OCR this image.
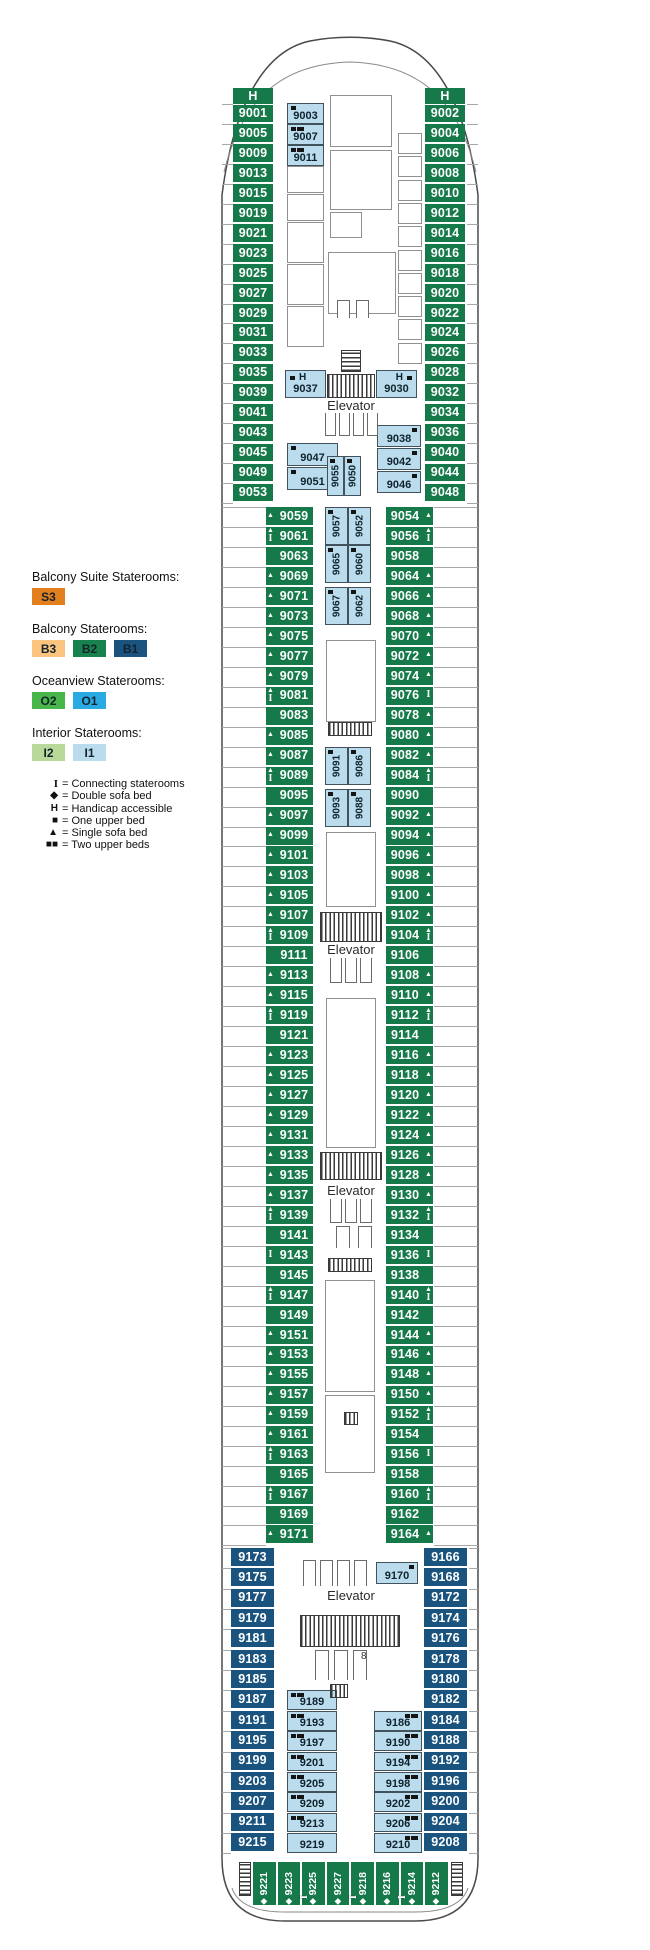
Balcony Suite Staterooms:
S3
Balcony Staterooms:
B3	B2	B1
Oceanview Staterooms:
O2	O1
Interior Staterooms:
I2	I1
I = Connecting staterooms
◆ = Double sofa bed
H = Handicap accessible
■ = One upper bed
▲ = Single sofa bed
■■ = Two upper beds
Elevator
Elevator
Elevator
Elevator
9001
9005
9009
9013
9015
9019
9021
9023
9025
9027
9029
9031
9033
9035
9039
9041
9043
9045
9049
9053
9002
9004
9006
9008
9010
9012
9014
9016
9018
9020
9022
9024
9026
9028
9032
9034
9036
9040
9044
9048
▲ 9059
▲
I 9061
9063
▲ 9069
▲ 9071
▲ 9073
▲ 9075
▲ 9077
▲ 9079
▲
I 9081
9083
▲ 9085
▲ 9087
▲
I 9089
9095
▲ 9097
▲ 9099
▲ 9101
▲ 9103
▲ 9105
▲ 9107
▲
I 9109
9111
▲ 9113
▲ 9115
▲
I 9119
9121
▲ 9123
▲ 9125
▲ 9127
▲ 9129
▲ 9131
▲ 9133
▲ 9135
▲ 9137
▲
I 9139
9141
I 9143
9145
▲
I 9147
9149
▲ 9151
▲ 9153
▲ 9155
▲ 9157
▲ 9159
▲ 9161
▲
I 9163
9165
▲
I 9167
9169
▲ 9171
9054 ▲
9056 ▲
I
9058
9064 ▲
9066 ▲
9068 ▲
9070 ▲
9072 ▲
9074 ▲
9076 I
9078 ▲
9080 ▲
9082 ▲
9084 ▲
I
9090
9092 ▲
9094 ▲
9096 ▲
9098 ▲
9100 ▲
9102 ▲
9104 ▲
I
9106
9108 ▲
9110 ▲
9112 ▲
I
9114
9116 ▲
9118 ▲
9120 ▲
9122 ▲
9124 ▲
9126 ▲
9128 ▲
9130 ▲
9132 ▲
I
9134
9136 I
9138
9140 ▲
I
9142
9144 ▲
9146 ▲
9148 ▲
9150 ▲
9152 ▲
I
9154
9156 I
9158
9160 ▲
I
9162
9164 ▲
9173
9175
9177
9179
9181
9183
9185
9187
9191
9195
9199
9203
9207
9211
9215
9166
9168
9172
9174
9176
9178
9180
9182
9184
9188
9192
9196
9200
9204
9208
H	H
9003
9007
9011
H
9037
H
9030
9038
9047	9042
9051	9046
9055 9050
9057 9052
9065 9060
9067 9062
9091 9086
9093 9088
9170
9189
9193
9197
9201
9205
9209
9213
9219
9186
9190
9194
9198
9202
9206
9210
◆
9221
◆
9223
I
◆
9225
◆
9227
I
◆
9218
◆
9216
I
◆
9214
◆
9212
8
